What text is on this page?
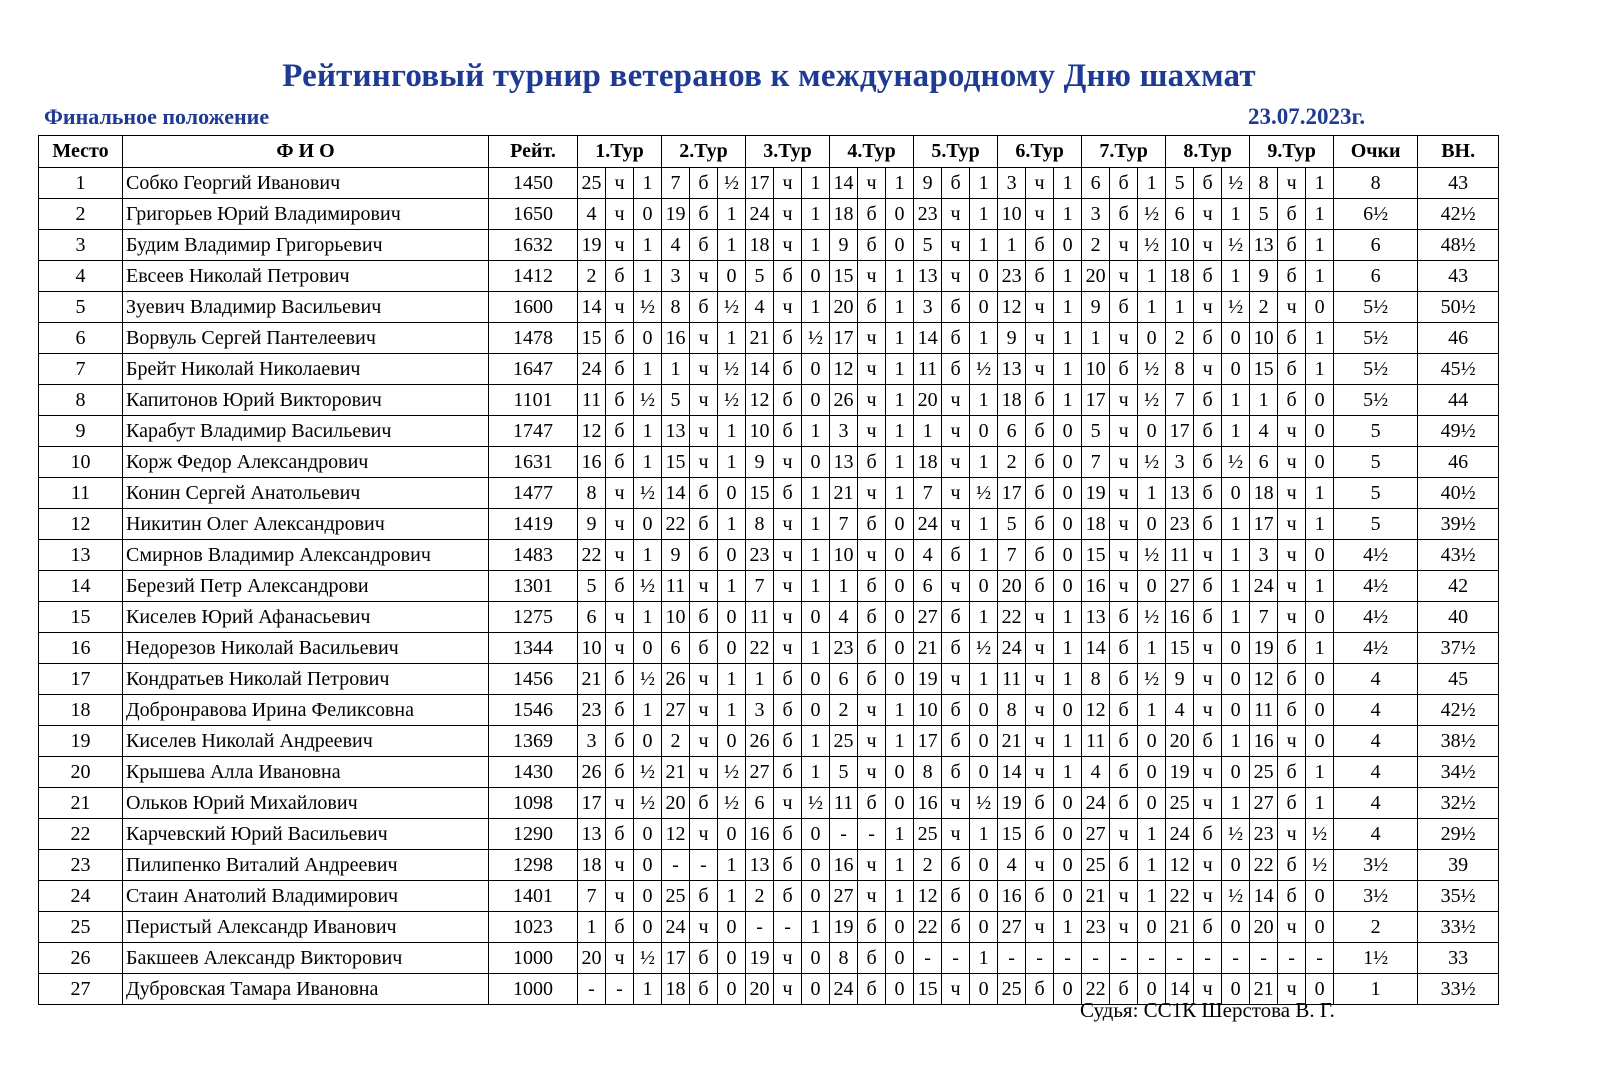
Рейтинговый турнир ветеранов к международному Дню шахмат
Финальное положение	23.07.2023г.
Место	Ф И О	Рейт.	1.Тур			2.Тур			3.Тур			4.Тур			5.Тур			6.Тур			7.Тур			8.Тур			9.Тур			Очки	ВН.
1	Собко Георгий Иванович	1450	25	ч	1	7	б	½	17	ч	1	14	ч	1	9	б	1	3	ч	1	6	б	1	5	б	½	8	ч	1	8	43
2	Григорьев Юрий Владимирович	1650	4	ч	0	19	б	1	24	ч	1	18	б	0	23	ч	1	10	ч	1	3	б	½	6	ч	1	5	б	1	6½	42½
3	Будим Владимир Григорьевич	1632	19	ч	1	4	б	1	18	ч	1	9	б	0	5	ч	1	1	б	0	2	ч	½	10	ч	½	13	б	1	6	48½
4	Евсеев Николай Петрович	1412	2	б	1	3	ч	0	5	б	0	15	ч	1	13	ч	0	23	б	1	20	ч	1	18	б	1	9	б	1	6	43
5	Зуевич Владимир Васильевич	1600	14	ч	½	8	б	½	4	ч	1	20	б	1	3	б	0	12	ч	1	9	б	1	1	ч	½	2	ч	0	5½	50½
6	Ворвуль Сергей Пантелеевич	1478	15	б	0	16	ч	1	21	б	½	17	ч	1	14	б	1	9	ч	1	1	ч	0	2	б	0	10	б	1	5½	46
7	Брейт Николай Николаевич	1647	24	б	1	1	ч	½	14	б	0	12	ч	1	11	б	½	13	ч	1	10	б	½	8	ч	0	15	б	1	5½	45½
8	Капитонов Юрий Викторович	1101	11	б	½	5	ч	½	12	б	0	26	ч	1	20	ч	1	18	б	1	17	ч	½	7	б	1	1	б	0	5½	44
9	Карабут Владимир Васильевич	1747	12	б	1	13	ч	1	10	б	1	3	ч	1	1	ч	0	6	б	0	5	ч	0	17	б	1	4	ч	0	5	49½
10	Корж Федор Александрович	1631	16	б	1	15	ч	1	9	ч	0	13	б	1	18	ч	1	2	б	0	7	ч	½	3	б	½	6	ч	0	5	46
11	Конин Сергей Анатольевич	1477	8	ч	½	14	б	0	15	б	1	21	ч	1	7	ч	½	17	б	0	19	ч	1	13	б	0	18	ч	1	5	40½
12	Никитин Олег Александрович	1419	9	ч	0	22	б	1	8	ч	1	7	б	0	24	ч	1	5	б	0	18	ч	0	23	б	1	17	ч	1	5	39½
13	Смирнов Владимир Александрович	1483	22	ч	1	9	б	0	23	ч	1	10	ч	0	4	б	1	7	б	0	15	ч	½	11	ч	1	3	ч	0	4½	43½
14	Березий Петр Александрови	1301	5	б	½	11	ч	1	7	ч	1	1	б	0	6	ч	0	20	б	0	16	ч	0	27	б	1	24	ч	1	4½	42
15	Киселев Юрий Афанасьевич	1275	6	ч	1	10	б	0	11	ч	0	4	б	0	27	б	1	22	ч	1	13	б	½	16	б	1	7	ч	0	4½	40
16	Недорезов Николай Васильевич	1344	10	ч	0	6	б	0	22	ч	1	23	б	0	21	б	½	24	ч	1	14	б	1	15	ч	0	19	б	1	4½	37½
17	Кондратьев Николай Петрович	1456	21	б	½	26	ч	1	1	б	0	6	б	0	19	ч	1	11	ч	1	8	б	½	9	ч	0	12	б	0	4	45
18	Добронравова Ирина Феликсовна	1546	23	б	1	27	ч	1	3	б	0	2	ч	1	10	б	0	8	ч	0	12	б	1	4	ч	0	11	б	0	4	42½
19	Киселев Николай Андреевич	1369	3	б	0	2	ч	0	26	б	1	25	ч	1	17	б	0	21	ч	1	11	б	0	20	б	1	16	ч	0	4	38½
20	Крышева Алла Ивановна	1430	26	б	½	21	ч	½	27	б	1	5	ч	0	8	б	0	14	ч	1	4	б	0	19	ч	0	25	б	1	4	34½
21	Ольков Юрий Михайлович	1098	17	ч	½	20	б	½	6	ч	½	11	б	0	16	ч	½	19	б	0	24	б	0	25	ч	1	27	б	1	4	32½
22	Карчевский Юрий Васильевич	1290	13	б	0	12	ч	0	16	б	0	-	-	1	25	ч	1	15	б	0	27	ч	1	24	б	½	23	ч	½	4	29½
23	Пилипенко Виталий Андреевич	1298	18	ч	0	-	-	1	13	б	0	16	ч	1	2	б	0	4	ч	0	25	б	1	12	ч	0	22	б	½	3½	39
24	Стаин Анатолий Владимирович	1401	7	ч	0	25	б	1	2	б	0	27	ч	1	12	б	0	16	б	0	21	ч	1	22	ч	½	14	б	0	3½	35½
25	Перистый Александр Иванович	1023	1	б	0	24	ч	0	-	-	1	19	б	0	22	б	0	27	ч	1	23	ч	0	21	б	0	20	ч	0	2	33½
26	Бакшеев Александр Викторович	1000	20	ч	½	17	б	0	19	ч	0	8	б	0	-	-	1	-	-	-	-	-	-	-	-	-	-	-	-	1½	33
27	Дубровская Тамара Ивановна	1000	-	-	1	18	б	0	20	ч	0	24	б	0	15	ч	0	25	б	0	22	б	0	14	ч	0	21	ч	0	1	33½
Судья: СС1К Шерстова В. Г.
